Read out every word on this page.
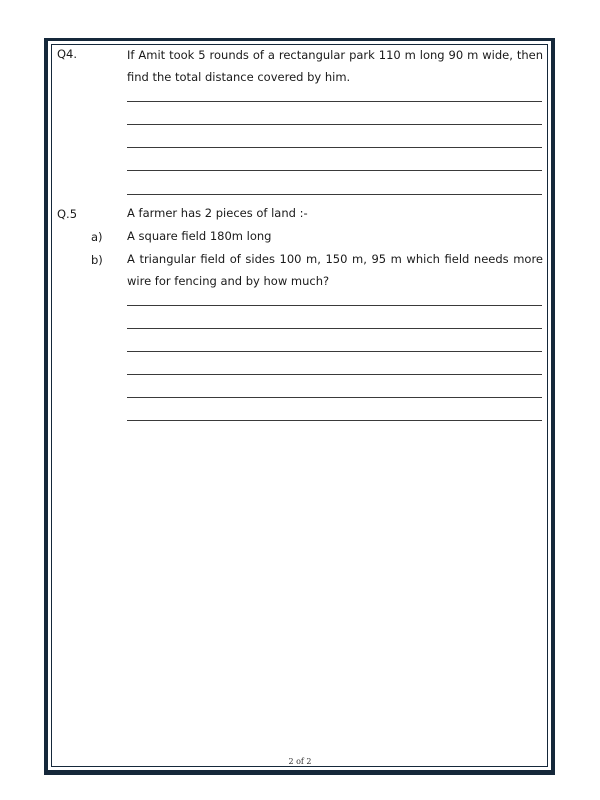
Q4.	If Amit took 5 rounds of a rectangular park 110 m long 90 m wide, then find the total distance covered by him.
Q.5	A farmer has 2 pieces of land :-
a) A square field 180m long
b) A triangular field of sides 100 m, 150 m, 95 m which field needs more wire for fencing and by how much?
2 of 2
